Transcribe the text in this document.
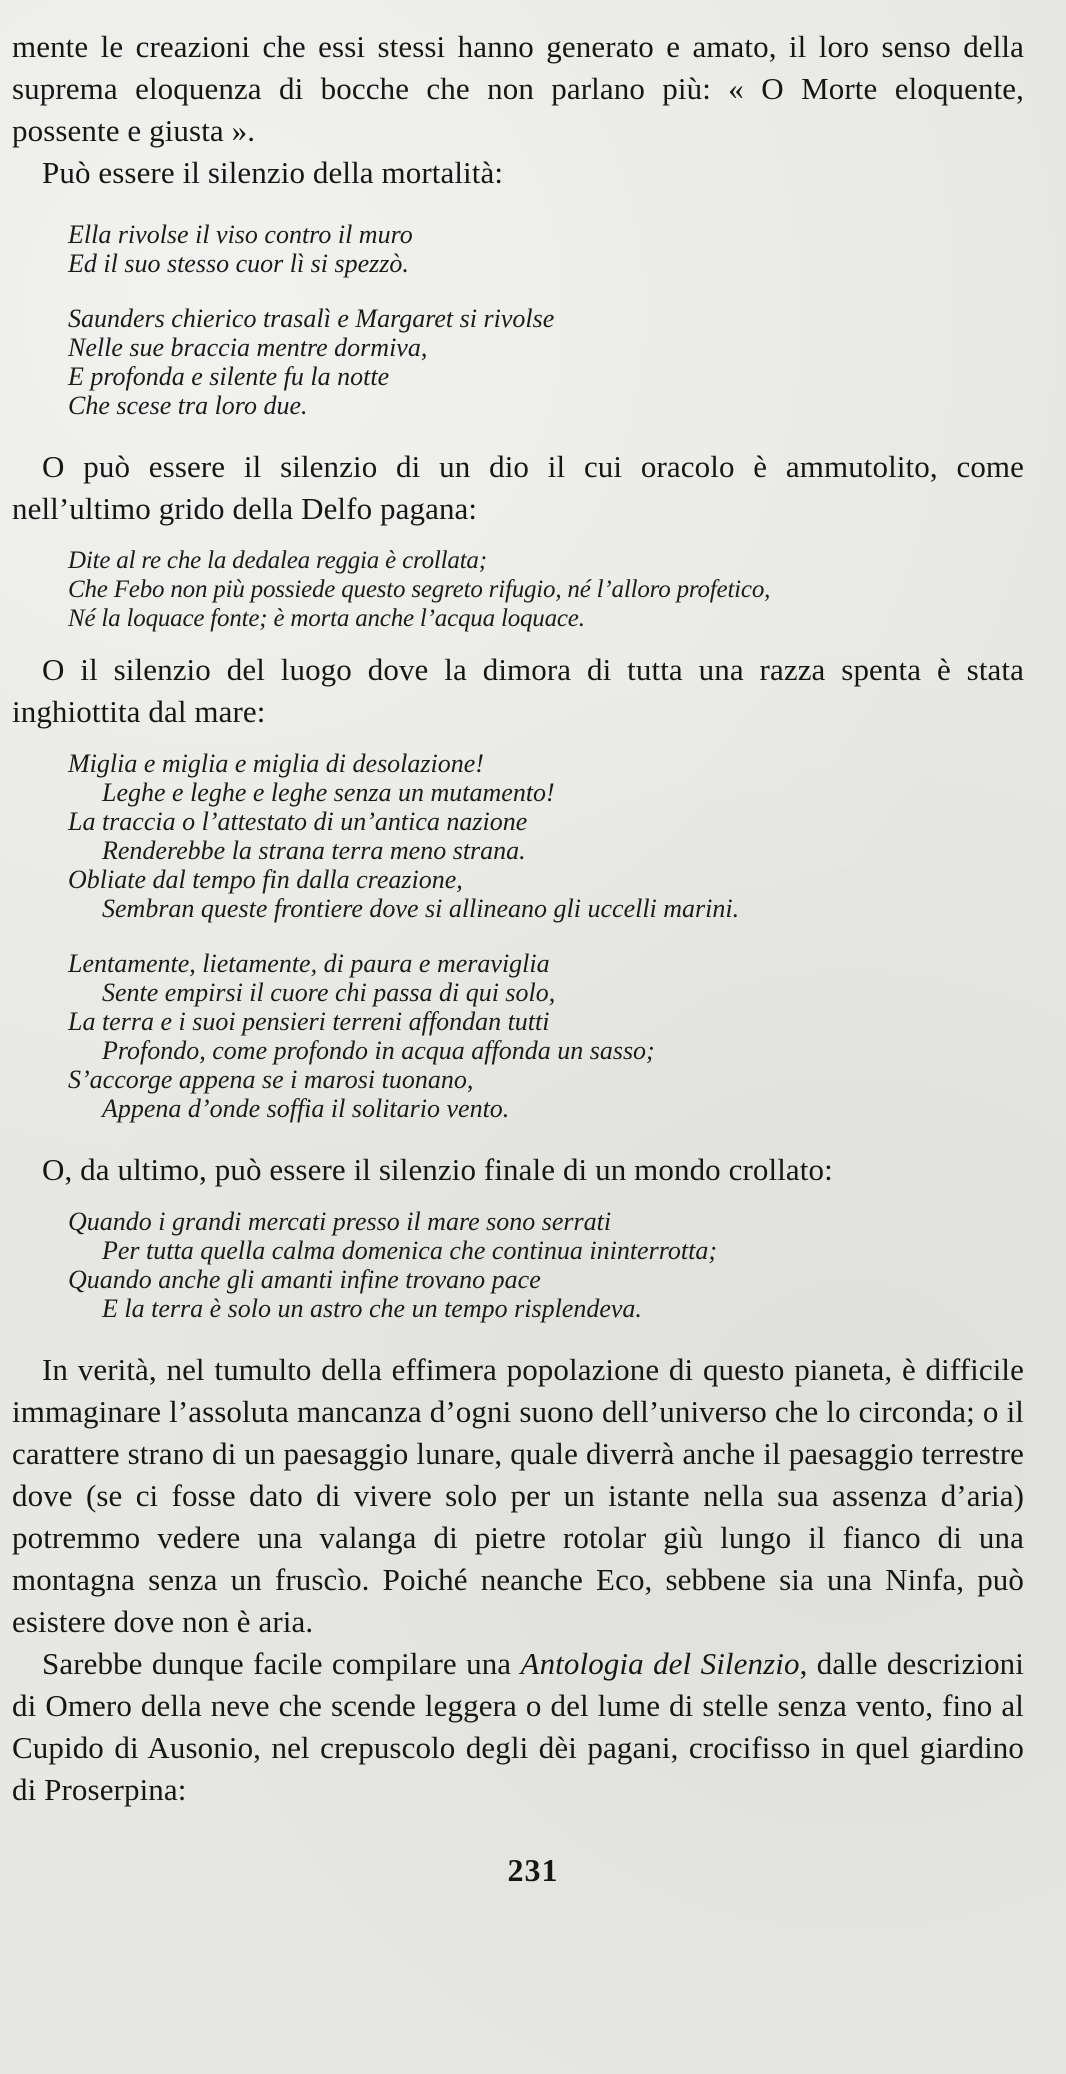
mente le creazioni che essi stessi hanno generato e amato, il loro senso della suprema eloquenza di bocche che non parlano più: « O Morte eloquente, possente e giusta ».

Può essere il silenzio della mortalità:

Ella rivolse il viso contro il muro
Ed il suo stesso cuor lì si spezzò.
Saunders chierico trasalì e Margaret si rivolse
Nelle sue braccia mentre dormiva,
E profonda e silente fu la notte
Che scese tra loro due.

O può essere il silenzio di un dio il cui oracolo è ammutolito, come nell’ultimo grido della Delfo pagana:

Dite al re che la dedalea reggia è crollata;
Che Febo non più possiede questo segreto rifugio, né l’alloro profetico,
Né la loquace fonte; è morta anche l’acqua loquace.

O il silenzio del luogo dove la dimora di tutta una razza spenta è stata inghiottita dal mare:

Miglia e miglia e miglia di desolazione!
Leghe e leghe e leghe senza un mutamento!
La traccia o l’attestato di un’antica nazione
Renderebbe la strana terra meno strana.
Obliate dal tempo fin dalla creazione,
Sembran queste frontiere dove si allineano gli uccelli marini.
Lentamente, lietamente, di paura e meraviglia
Sente empirsi il cuore chi passa di qui solo,
La terra e i suoi pensieri terreni affondan tutti
Profondo, come profondo in acqua affonda un sasso;
S’accorge appena se i marosi tuonano,
Appena d’onde soffia il solitario vento.

O, da ultimo, può essere il silenzio finale di un mondo crollato:

Quando i grandi mercati presso il mare sono serrati
Per tutta quella calma domenica che continua ininterrotta;
Quando anche gli amanti infine trovano pace
E la terra è solo un astro che un tempo risplendeva.

In verità, nel tumulto della effimera popolazione di questo pianeta, è difficile immaginare l’assoluta mancanza d’ogni suono dell’universo che lo circonda; o il carattere strano di un paesaggio lunare, quale diverrà anche il paesaggio terrestre dove (se ci fosse dato di vivere solo per un istante nella sua assenza d’aria) potremmo vedere una valanga di pietre rotolar giù lungo il fianco di una montagna senza un fruscìo. Poiché neanche Eco, sebbene sia una Ninfa, può esistere dove non è aria.

Sarebbe dunque facile compilare una Antologia del Silenzio, dalle descrizioni di Omero della neve che scende leggera o del lume di stelle senza vento, fino al Cupido di Ausonio, nel crepuscolo degli dèi pagani, crocifisso in quel giardino di Proserpina:

231
